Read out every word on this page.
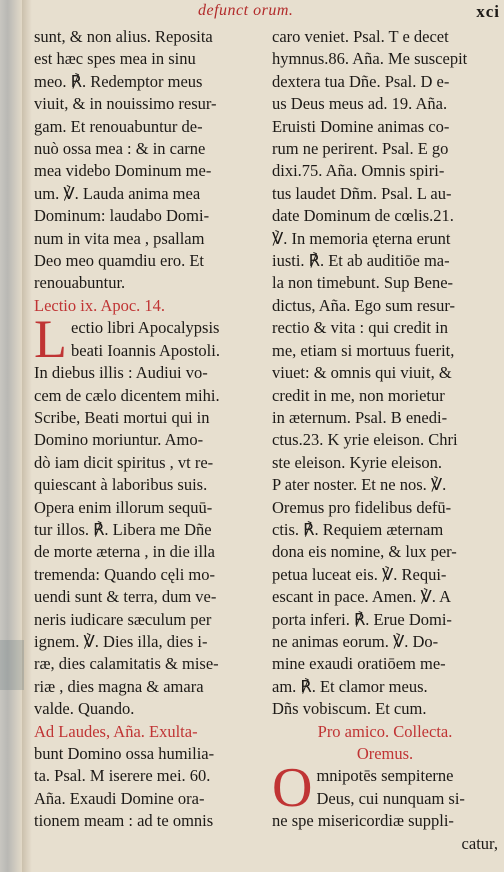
defunct orum.	xci

sunt, & non alius. Reposita

est hæc spes mea in sinu

meo. ℟. Redemptor meus

viuit, & in nouissimo resur-

gam. Et renouabuntur de-

nuò ossa mea : & in carne

mea videbo Dominum me-

um. ℣. Lauda anima mea

Dominum: laudabo Domi-

num in vita mea , psallam

Deo meo quamdiu ero. Et

renouabuntur.

Lectio ix. Apoc. 14.

L ectio libri Apocalypsis

beati Ioannis Apostoli.

In diebus illis : Audiui vo-

cem de cælo dicentem mihi.

Scribe, Beati mortui qui in

Domino moriuntur. Amo-

dò iam dicit spiritus , vt re-

quiescant à laboribus suis.

Opera enim illorum sequū-

tur illos. ℟. Libera me Dñe

de morte æterna , in die illa

tremenda: Quando cęli mo-

uendi sunt & terra, dum ve-

neris iudicare sæculum per

ignem. ℣. Dies illa, dies i-

ræ, dies calamitatis & mise-

riæ , dies magna & amara

valde. Quando.

Ad Laudes, Aña. Exulta-

bunt Domino ossa humilia-

ta. Psal. M iserere mei. 60.

Aña. Exaudi Domine ora-

tionem meam : ad te omnis

caro veniet. Psal. T e decet

hymnus.86. Aña. Me suscepit

dextera tua Dñe. Psal. D e-

us Deus meus ad. 19. Aña.

Eruisti Domine animas co-

rum ne perirent. Psal. E go

dixi.75. Aña. Omnis spiri-

tus laudet Dñm. Psal. L au-

date Dominum de cœlis.21.

℣. In memoria ęterna erunt

iusti. ℟. Et ab auditiōe ma-

la non timebunt. Sup Bene-

dictus, Aña. Ego sum resur-

rectio & vita : qui credit in

me, etiam si mortuus fuerit,

viuet: & omnis qui viuit, &

credit in me, non morietur

in æternum. Psal. B enedi-

ctus.23. K yrie eleison. Chri

ste eleison. Kyrie eleison.

P ater noster. Et ne nos. ℣.

Oremus pro fidelibus defū-

ctis. ℟. Requiem æternam

dona eis nomine, & lux per-

petua luceat eis. ℣. Requi-

escant in pace. Amen. ℣. A

porta inferi. ℟. Erue Domi-

ne animas eorum. ℣. Do-

mine exaudi oratiōem me-

am. ℟. Et clamor meus.

Dñs vobiscum. Et cum.

Pro amico. Collecta.

Oremus.

O mnipotēs sempiterne

Deus, cui nunquam si-

ne spe misericordiæ suppli-

catur,
